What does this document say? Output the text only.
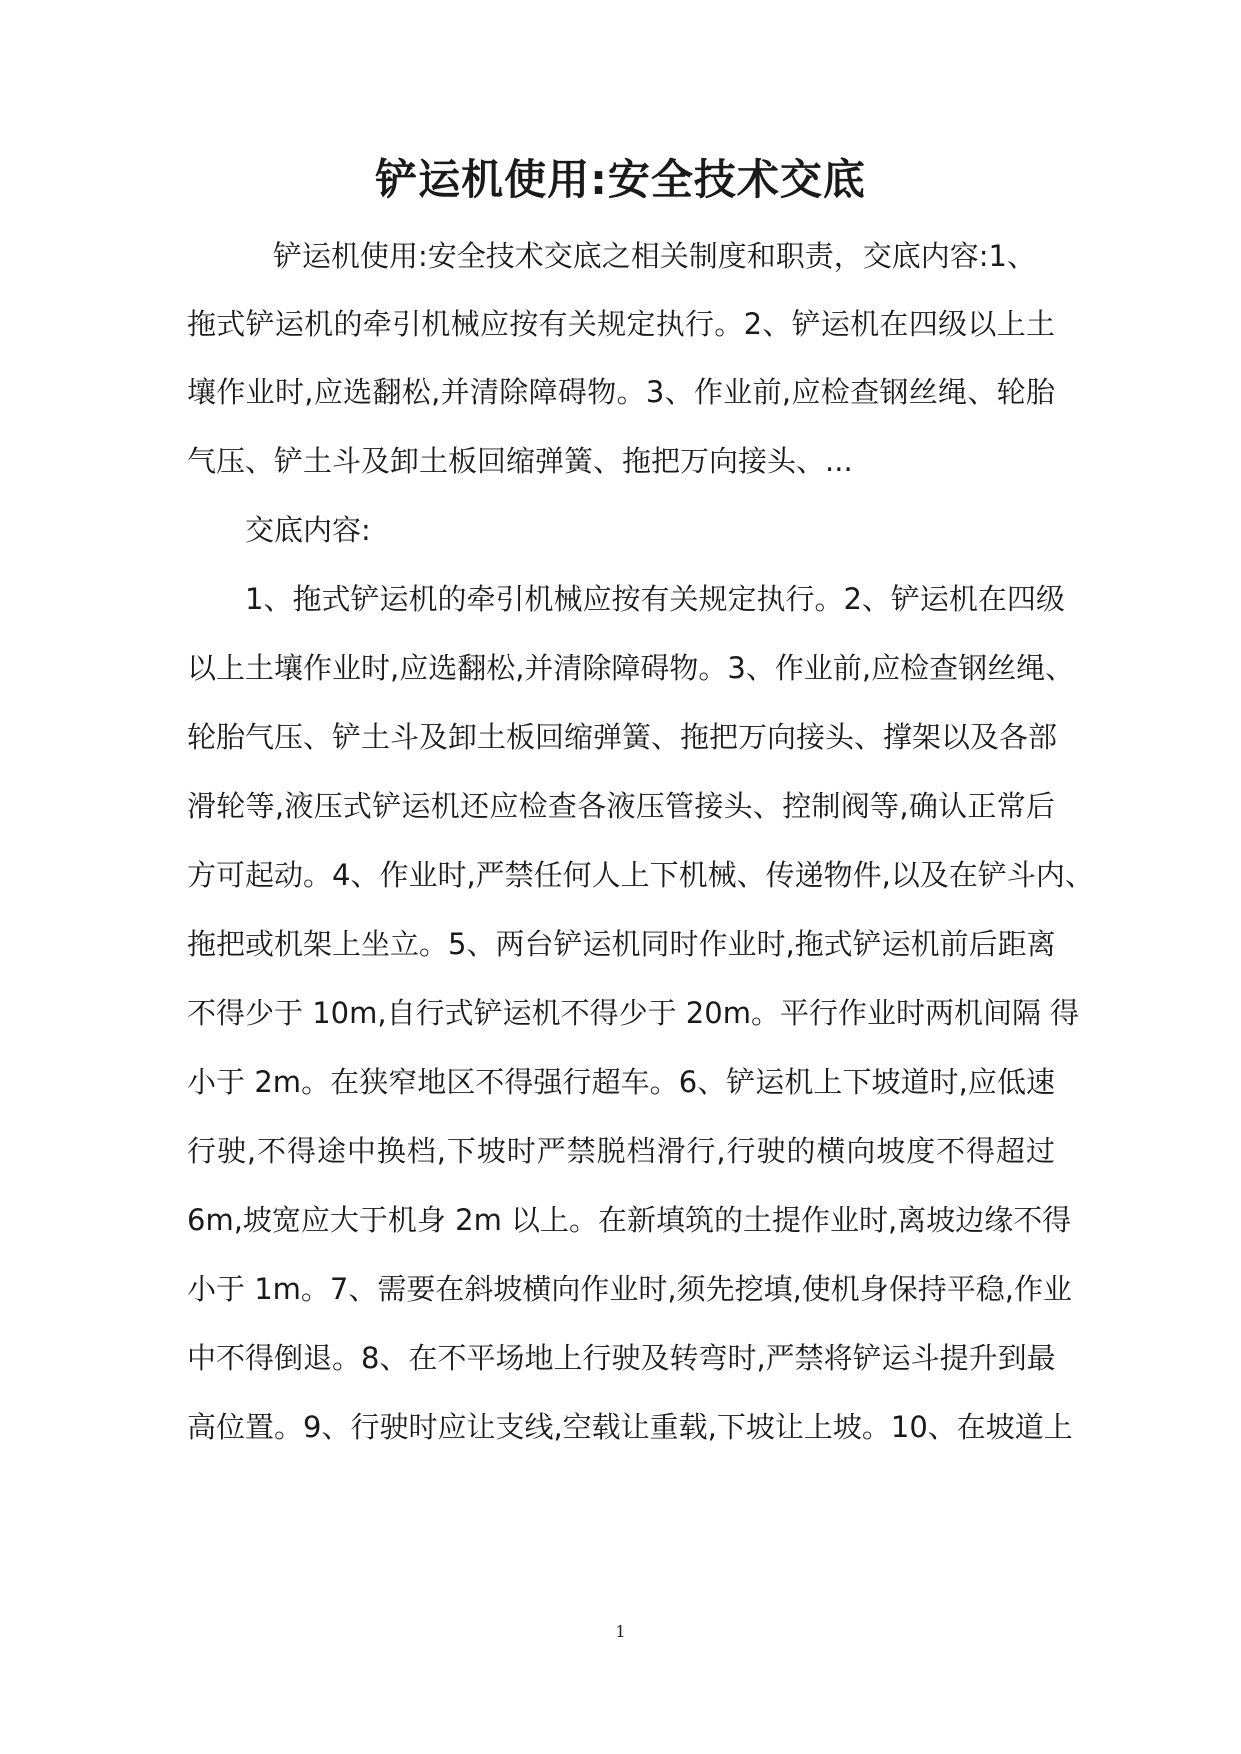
铲运机使用:安全技术交底
铲运机使用:安全技术交底之相关制度和职责，交底内容:1、
拖式铲运机的牵引机械应按有关规定执行。2、铲运机在四级以上土
壤作业时,应选翻松,并清除障碍物。3、作业前,应检查钢丝绳、轮胎
气压、铲土斗及卸土板回缩弹簧、拖把万向接头、...
交底内容:
1、拖式铲运机的牵引机械应按有关规定执行。2、铲运机在四级
以上土壤作业时,应选翻松,并清除障碍物。3、作业前,应检查钢丝绳、
轮胎气压、铲土斗及卸土板回缩弹簧、拖把万向接头、撑架以及各部
滑轮等,液压式铲运机还应检查各液压管接头、控制阀等,确认正常后
方可起动。4、作业时,严禁任何人上下机械、传递物件,以及在铲斗内、
拖把或机架上坐立。5、两台铲运机同时作业时,拖式铲运机前后距离
不得少于 10m,自行式铲运机不得少于 20m。平行作业时两机间隔 得
小于 2m。在狭窄地区不得强行超车。6、铲运机上下坡道时,应低速
行驶,不得途中换档,下坡时严禁脱档滑行,行驶的横向坡度不得超过
6m,坡宽应大于机身 2m 以上。在新填筑的土提作业时,离坡边缘不得
小于 1m。7、需要在斜坡横向作业时,须先挖填,使机身保持平稳,作业
中不得倒退。8、在不平场地上行驶及转弯时,严禁将铲运斗提升到最
高位置。9、行驶时应让支线,空载让重载,下坡让上坡。10、在坡道上
1
